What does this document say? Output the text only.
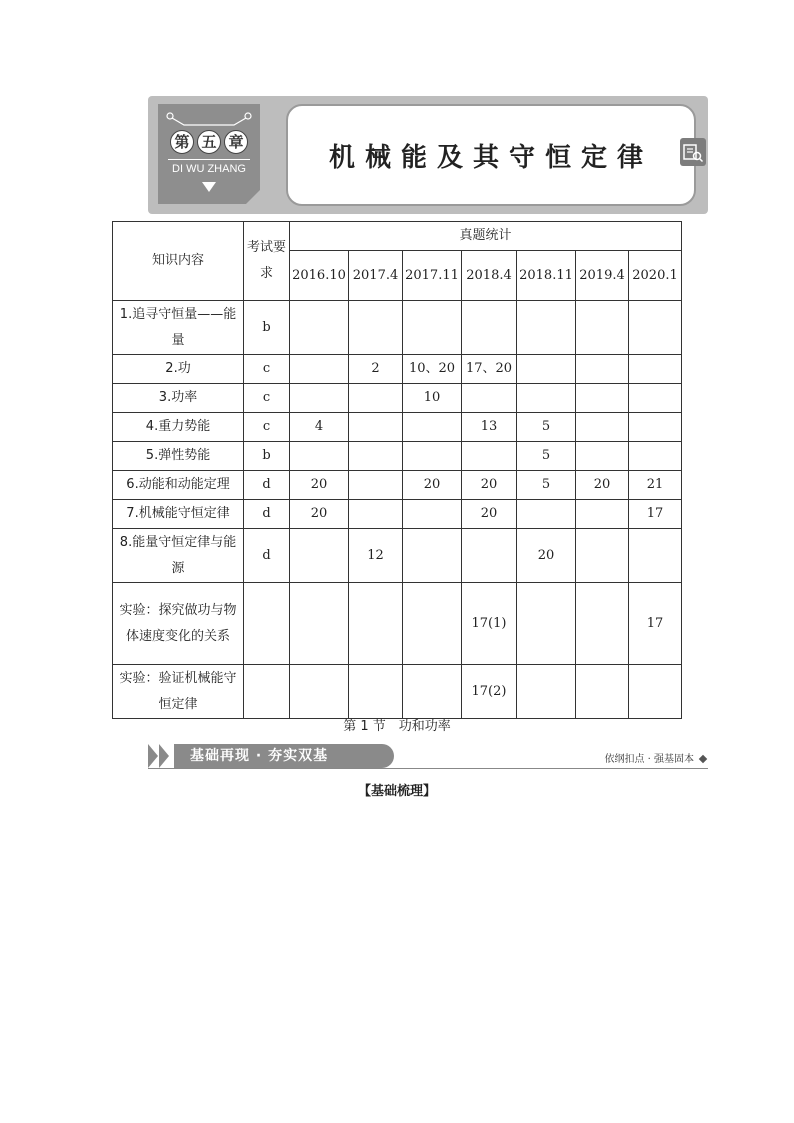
第 五 章
DI WU ZHANG	机械能及其守恒定律
知识内容	考试要求	真题统计						
		2016.10	2017.4	2017.11	2018.4	2018.11	2019.4	2020.1
1.追寻守恒量——能量	b							
2.功	c		2	10、20	17、20			
3.功率	c			10				
4.重力势能	c	4			13	5		
5.弹性势能	b					5		
6.动能和动能定理	d	20		20	20	5	20	21
7.机械能守恒定律	d	20			20			17
8.能量守恒定律与能源	d		12			20		
实验：探究做功与物体速度变化的关系					17(1)			17
实验：验证机械能守恒定律					17(2)			
第 1 节　功和功率
基础再现 · 夯实双基	依纲扣点 · 强基固本
【基础梳理】
